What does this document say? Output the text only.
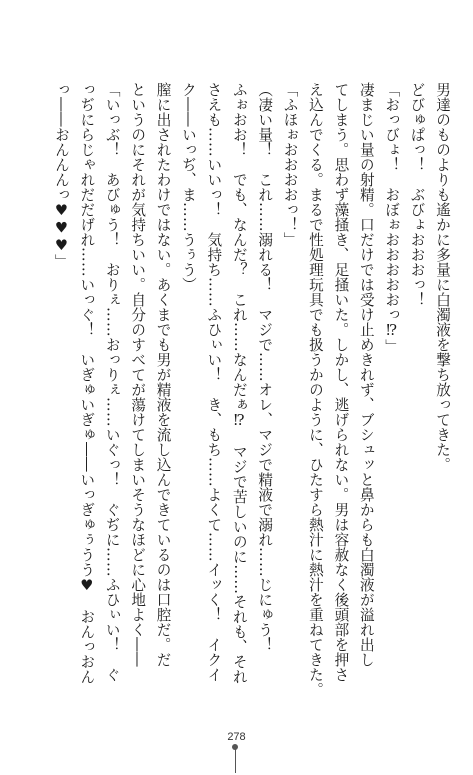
男達のものよりも遙かに多量に白濁液を撃ち放ってきた。

どびゅぱっ！　ぶびょおおおっ！

「おっびょ！　おぼぉおおおおおっ⁉」

凄まじい量の射精。口だけでは受け止めきれず、ブシュッと鼻からも白濁液が溢れ出し

てしまう。思わず藻掻き、足掻いた。しかし、逃げられない。男は容赦なく後頭部を押さ

え込んでくる。まるで性処理玩具でも扱うかのように、ひたすら熱汁に熱汁を重ねてきた。

「ふほぉおおおおっ！」

（凄い量！　これ……溺れる！　マジで……オレ、マジで精液で溺れ……じにゅう！

ふぉおお！　でも、なんだ？　これ……なんだぁ⁉　マジで苦しいのに……それも、それ

さえも……いいっ！　気持ち……ふひぃい！　き、もち……よくて……イッく！　イクイ

ク――いっぢ、ま……うぅう）

膣に出されたわけではない。あくまでも男が精液を流し込んできているのは口腔だ。だ

というのにそれが気持ちいい。自分のすべてが蕩けてしまいそうなほどに心地よく――

「いっぶ！　あびゅう！　おりぇ……おっりぇ……いぐっ！　ぐぢに……ふひぃい！　ぐ

っぢにらじゃれだだげれ……いっぐ！　いぎゅいぎゅ――いっぎゅぅうう♥　おんっおん

っ――おんんんっ♥♥♥」

278
